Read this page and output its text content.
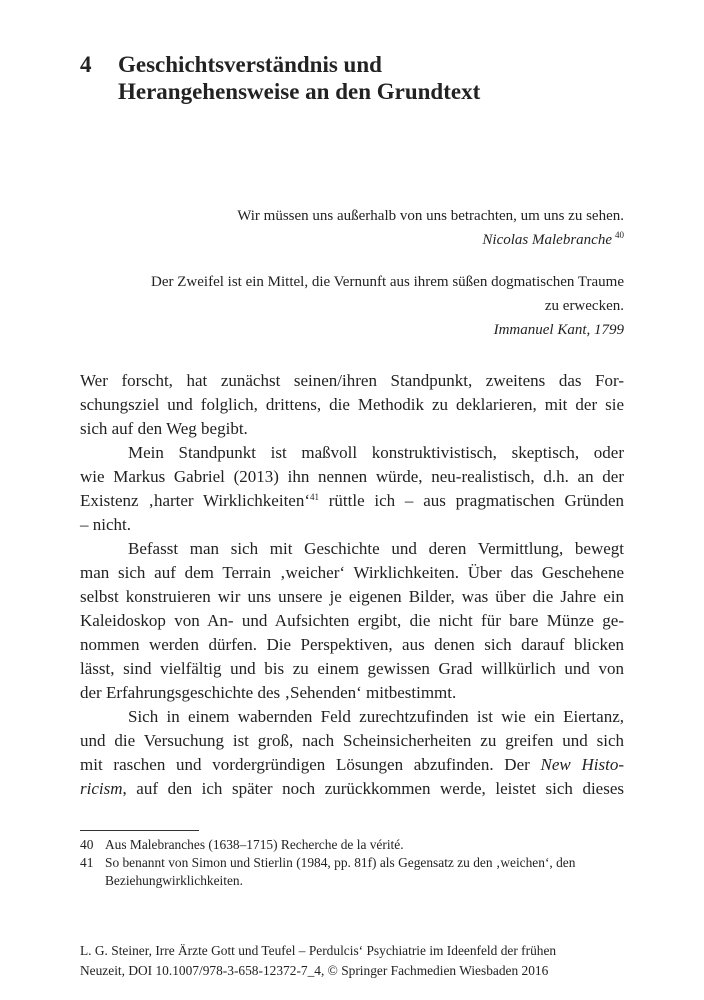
4 Geschichtsverständnis und
Herangehensweise an den Grundtext
Wir müssen uns außerhalb von uns betrachten, um uns zu sehen.
Nicolas Malebranche  $^{40}$
Der Zweifel ist ein Mittel, die Vernunft aus ihrem süßen dogmatischen Traume
zu erwecken.
Immanuel Kant, 1799
Wer forscht, hat zunächst seinen/ihren Standpunkt, zweitens das For-
schungsziel und folglich, drittens, die Methodik zu deklarieren, mit der sie
sich auf den Weg begibt.
Mein Standpunkt ist maßvoll konstruktivistisch, skeptisch, oder
wie Markus Gabriel (2013) ihn nennen würde, neu-realistisch, d.h. an der
Existenz ‚harter Wirklichkeiten‘$^{41}$ rüttle ich – aus pragmatischen Gründen
– nicht.
Befasst man sich mit Geschichte und deren Vermittlung, bewegt
man sich auf dem Terrain ‚weicher‘ Wirklichkeiten. Über das Geschehene
selbst konstruieren wir uns unsere je eigenen Bilder, was über die Jahre ein
Kaleidoskop von An- und Aufsichten ergibt, die nicht für bare Münze ge-
nommen werden dürfen. Die Perspektiven, aus denen sich darauf blicken
lässt, sind vielfältig und bis zu einem gewissen Grad willkürlich und von
der Erfahrungsgeschichte des ‚Sehenden‘ mitbestimmt.
Sich in einem wabernden Feld zurechtzufinden ist wie ein Eiertanz,
und die Versuchung ist groß, nach Scheinsicherheiten zu greifen und sich
mit raschen und vordergründigen Lösungen abzufinden. Der New Histo-
ricism, auf den ich später noch zurückkommen werde, leistet sich dieses
40 Aus Malebranches (1638–1715) Recherche de la vérité.
41 So benannt von Simon und Stierlin (1984, pp. 81f) als Gegensatz zu den ‚weichen‘, den
Beziehungwirklichkeiten.
L. G. Steiner, Irre Ärzte Gott und Teufel – Perdulcis‘ Psychiatrie im Ideenfeld der frühen
Neuzeit, DOI 10.1007/978-3-658-12372-7_4, © Springer Fachmedien Wiesbaden 2016
